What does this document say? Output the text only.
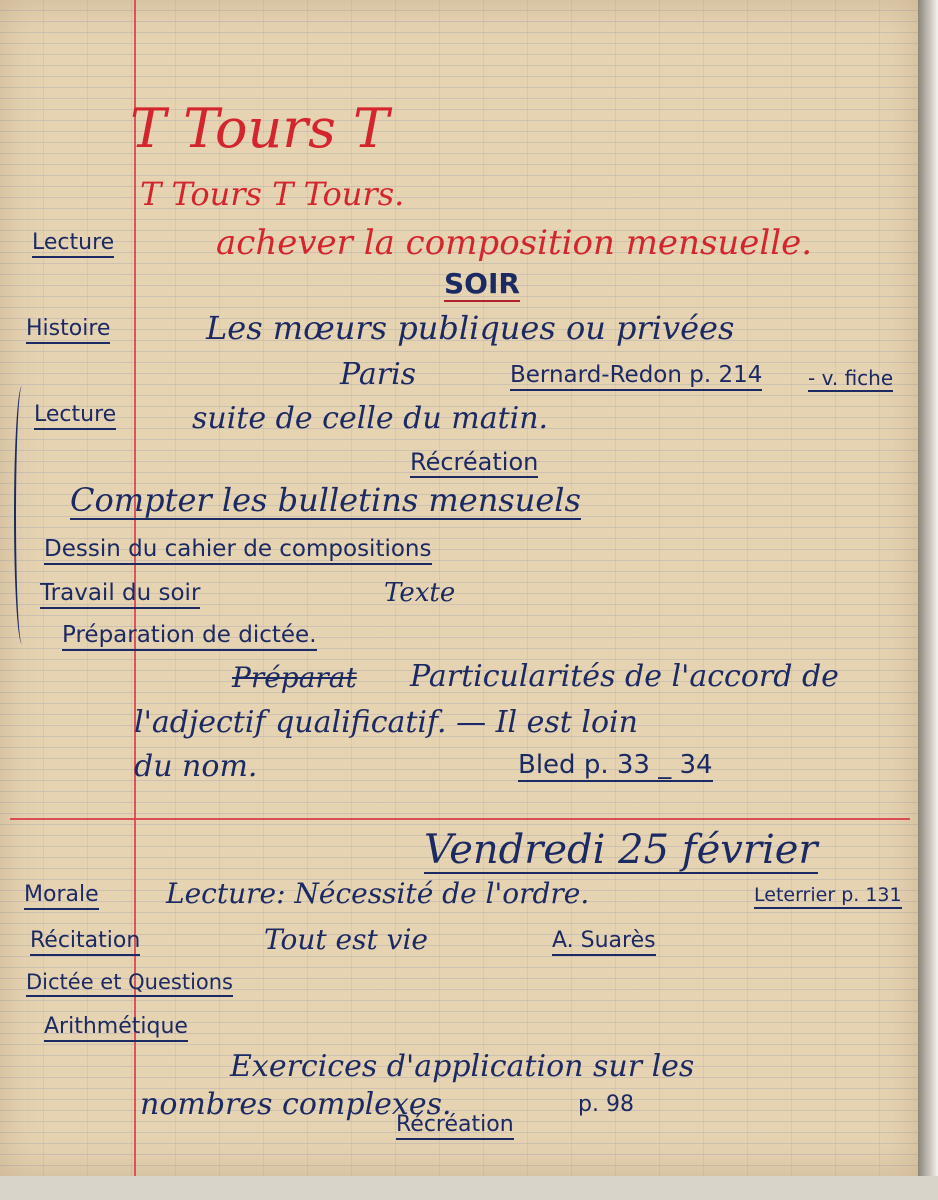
T Tours T
T Tours T Tours.
Lecture	achever la composition mensuelle.
SOIR
Histoire	Les mœurs publiques ou privées
Paris	Bernard-Redon p. 214 - v. fiche
Lecture	suite de celle du matin.
Récréation
Compter les bulletins mensuels
Dessin du cahier de compositions
Travail du soir	Texte
Préparation de dictée.
Préparat Particularités de l'accord de
l'adjectif qualificatif. — Il est loin
du nom.	Bled p. 33 _ 34
Vendredi 25 février
Morale Lecture: Nécessité de l'ordre.	Leterrier p. 131
Récitation	Tout est vie	A. Suarès
Dictée et Questions
Arithmétique
Exercices d'application sur les
nombres complexes.	p. 98
Récréation
